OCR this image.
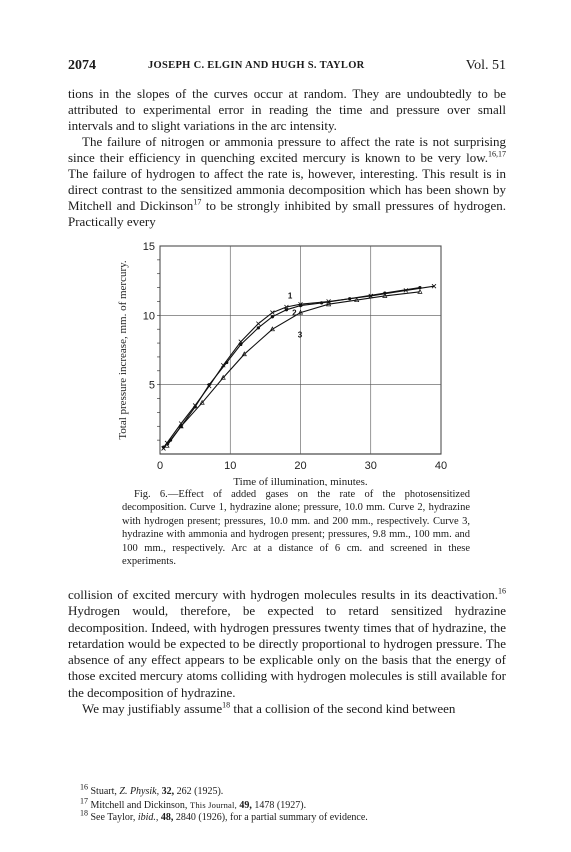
2074	JOSEPH C. ELGIN AND HUGH S. TAYLOR	Vol. 51
tions in the slopes of the curves occur at random. They are undoubtedly to be attributed to experimental error in reading the time and pressure over small intervals and to slight variations in the arc intensity.
The failure of nitrogen or ammonia pressure to affect the rate is not surprising since their efficiency in quenching excited mercury is known to be very low.$^{16,17}$ The failure of hydrogen to affect the rate is, however, interesting. This result is in direct contrast to the sensitized ammonia decomposition which has been shown by Mitchell and Dickinson$^{17}$ to be strongly inhibited by small pressures of hydrogen. Practically every
0	10	20	30	40
5
10
15
Time of illumination, minutes.
Total pressure increase, mm. of mercury.	1
2
3
Fig. 6.—Effect of added gases on the rate of the photosensitized decomposition. Curve 1, hydrazine alone; pressure, 10.0 mm. Curve 2, hydrazine with hydrogen present; pressures, 10.0 mm. and 200 mm., respectively. Curve 3, hydrazine with ammonia and hydrogen present; pressures, 9.8 mm., 100 mm. and 100 mm., respectively. Arc at a distance of 6 cm. and screened in these experiments.
collision of excited mercury with hydrogen molecules results in its deactivation.$^{16}$ Hydrogen would, therefore, be expected to retard sensitized hydrazine decomposition. Indeed, with hydrogen pressures twenty times that of hydrazine, the retardation would be expected to be directly proportional to hydrogen pressure. The absence of any effect appears to be explicable only on the basis that the energy of those excited mercury atoms colliding with hydrogen molecules is still available for the decomposition of hydrazine.
We may justifiably assume$^{18}$ that a collision of the second kind between
$^{16}$ Stuart, Z. Physik, 32, 262 (1925).
$^{17}$ Mitchell and Dickinson, This Journal, 49, 1478 (1927).
$^{18}$ See Taylor, ibid., 48, 2840 (1926), for a partial summary of evidence.
